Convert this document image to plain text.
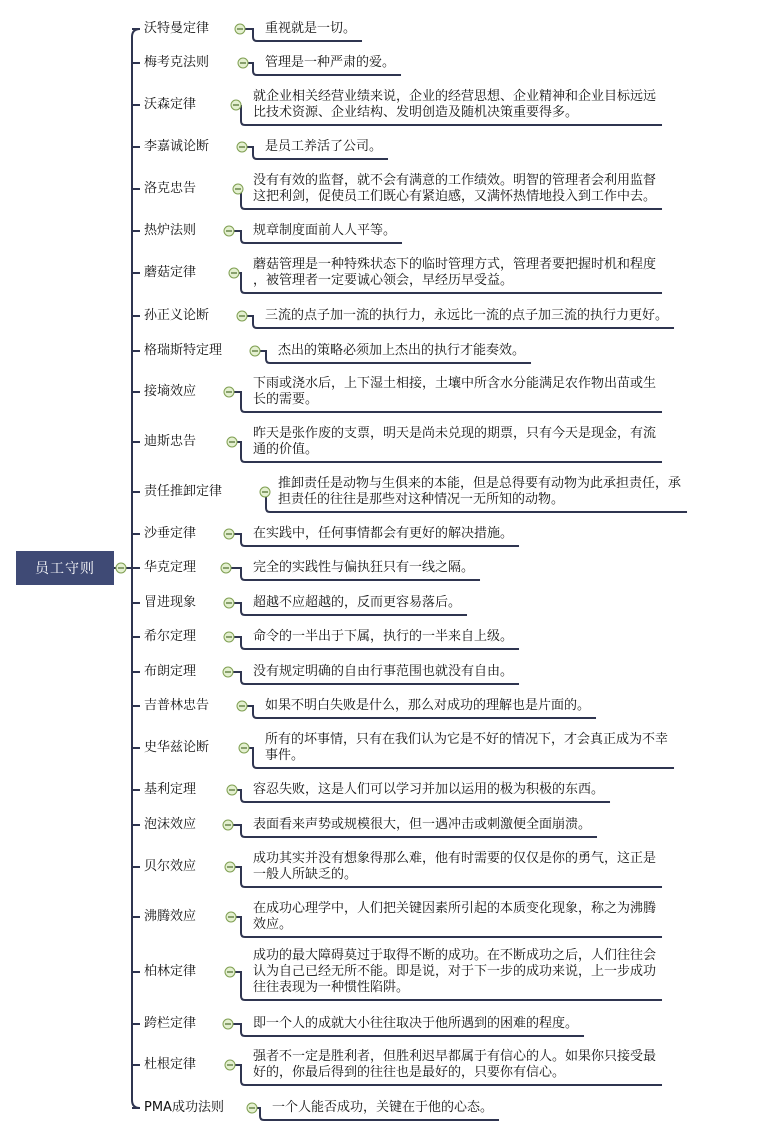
员工守则
沃特曼定律	重视就是一切。
梅考克法则	管理是一种严肃的爱。
沃森定律
就企业相关经营业绩来说，企业的经营思想、企业精神和企业目标远远
比技术资源、企业结构、发明创造及随机决策重要得多。
李嘉诚论断	是员工养活了公司。
洛克忠告
没有有效的监督，就不会有满意的工作绩效。明智的管理者会利用监督
这把利剑，促使员工们既心有紧迫感，又满怀热情地投入到工作中去。
热炉法则	规章制度面前人人平等。
蘑菇定律
蘑菇管理是一种特殊状态下的临时管理方式，管理者要把握时机和程度
，被管理者一定要诚心领会，早经历早受益。
孙正义论断	三流的点子加一流的执行力，永远比一流的点子加三流的执行力更好。
格瑞斯特定理	杰出的策略必须加上杰出的执行才能奏效。
接墒效应
下雨或浇水后，上下湿土相接，土壤中所含水分能满足农作物出苗或生
长的需要。
迪斯忠告
昨天是张作废的支票，明天是尚未兑现的期票，只有今天是现金，有流
通的价值。
责任推卸定律
推卸责任是动物与生俱来的本能，但是总得要有动物为此承担责任，承
担责任的往往是那些对这种情况一无所知的动物。
沙垂定律	在实践中，任何事情都会有更好的解决措施。
华克定理	完全的实践性与偏执狂只有一线之隔。
冒进现象	超越不应超越的，反而更容易落后。
希尔定理	命令的一半出于下属，执行的一半来自上级。
布朗定理	没有规定明确的自由行事范围也就没有自由。
吉普林忠告	如果不明白失败是什么，那么对成功的理解也是片面的。
史华兹论断
所有的坏事情，只有在我们认为它是不好的情况下，才会真正成为不幸
事件。
基利定理	容忍失败，这是人们可以学习并加以运用的极为积极的东西。
泡沫效应	表面看来声势或规模很大，但一遇冲击或刺激便全面崩溃。
贝尔效应
成功其实并没有想象得那么难，他有时需要的仅仅是你的勇气，这正是
一般人所缺乏的。
沸腾效应
在成功心理学中，人们把关键因素所引起的本质变化现象，称之为沸腾
效应。
柏林定律
成功的最大障碍莫过于取得不断的成功。在不断成功之后，人们往往会
认为自己已经无所不能。即是说，对于下一步的成功来说，上一步成功
往往表现为一种惯性陷阱。
跨栏定律	即一个人的成就大小往往取决于他所遇到的困难的程度。
杜根定律
强者不一定是胜利者，但胜利迟早都属于有信心的人。如果你只接受最
好的，你最后得到的往往也是最好的，只要你有信心。
PMA成功法则	一个人能否成功，关键在于他的心态。
